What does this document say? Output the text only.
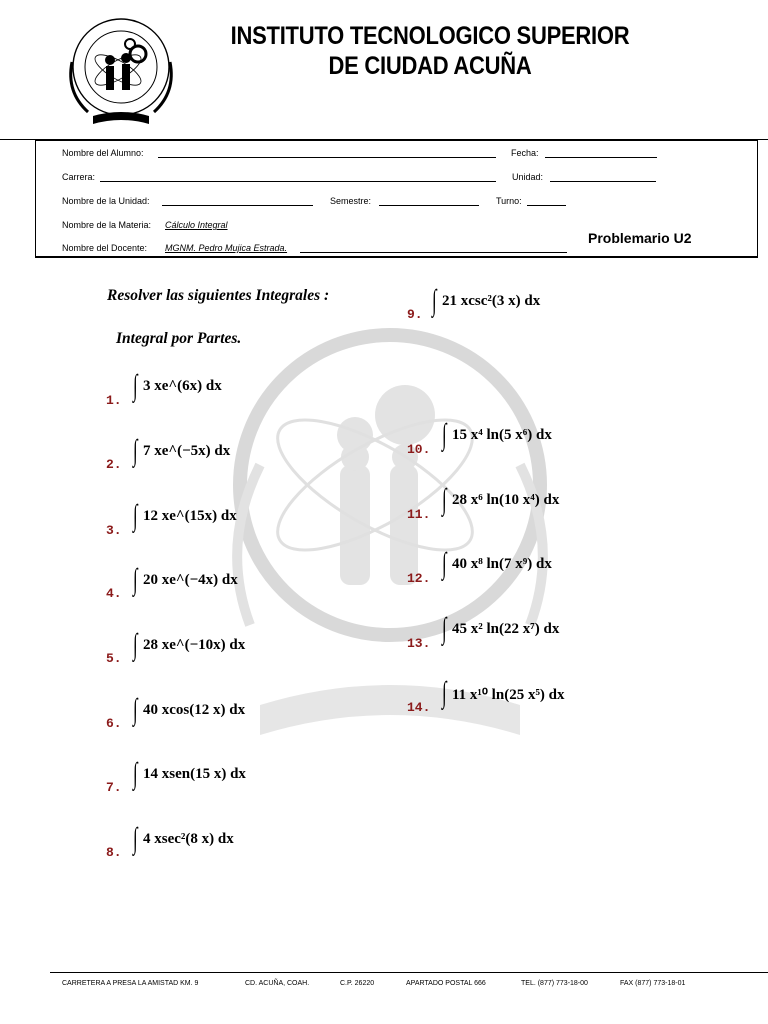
INSTITUTO TECNOLOGICO SUPERIOR
DE CIUDAD ACUÑA
Nombre del Alumno:	Fecha:
Carrera:	Unidad:
Nombre de la Unidad:	Semestre:	Turno:
Nombre de la Materia: Cálculo Integral
Nombre del Docente: MGNM. Pedro Mujica Estrada.
Problemario U2
Resolver las siguientes Integrales :
Integral por Partes.
1.
2.
3.
4.
5.
6.
7.
8.
9.
10.
11.
12.
13.
14.
∫ 3 xe^(6x) dx
∫ 7 xe^(−5x) dx
∫ 12 xe^(15x) dx
∫ 20 xe^(−4x) dx
∫ 28 xe^(−10x) dx
∫ 40 xcos(12 x) dx
∫ 14 xsen(15 x) dx
∫ 4 xsec²(8 x) dx
∫ 21 xcsc²(3 x) dx
∫ 15 x⁴ ln(5 x⁶) dx
∫ 28 x⁶ ln(10 x⁴) dx
∫ 40 x⁸ ln(7 x⁹) dx
∫ 45 x² ln(22 x⁷) dx
∫ 11 x¹⁰ ln(25 x⁵) dx
CARRETERA A PRESA LA AMISTAD KM. 9	CD. ACUÑA, COAH.	C.P. 26220	APARTADO POSTAL 666	TEL. (877) 773-18-00	FAX (877) 773-18-01
